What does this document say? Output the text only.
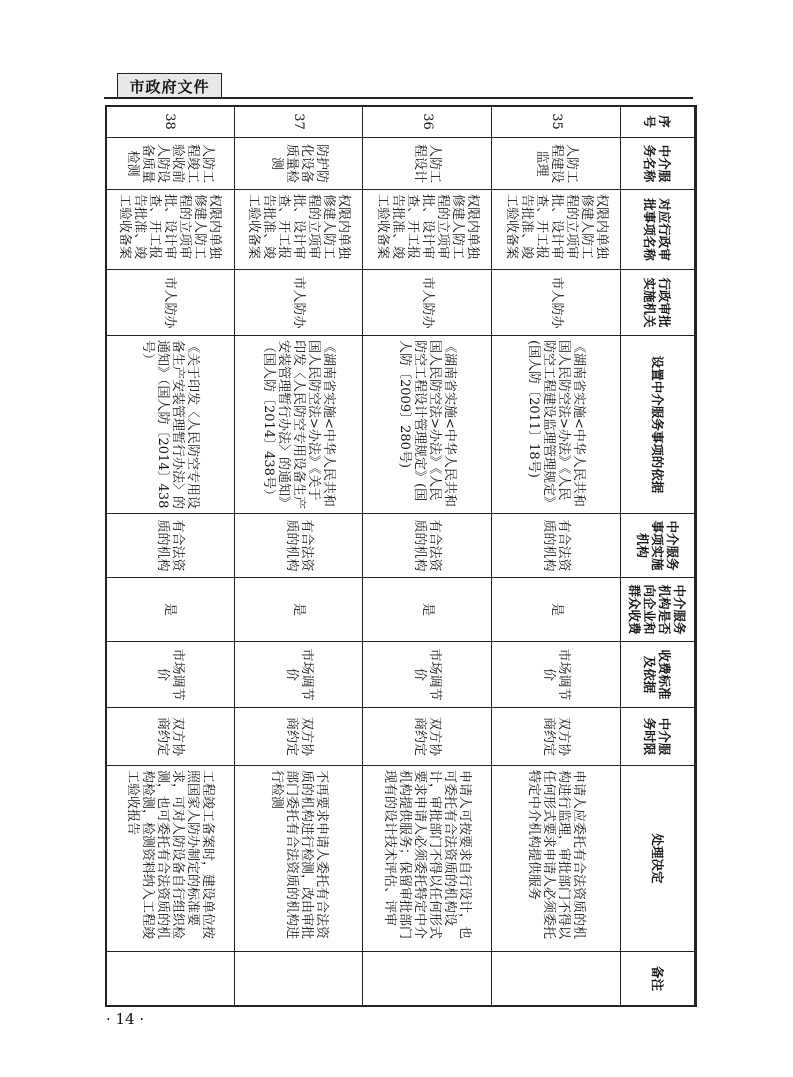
市政府文件
序号	中介服务名称	对应行政审批事项名称	行政审批实施机关	设置中介服务事项的依据	中介服务事项实施机构	中介服务机构是否向企业和群众收费	收费标准及依据	中介服务时限	处理决定	备注
35	人防工程建设监理	权限内单独修建人防工程的立项审批、设计审查、开工报告批准、竣工验收备案	市人防办	《湖南省实施<中华人民共和国人民防空法>办法》《人民防空工程建设监理管理规定》(国人防〔2011〕18号)	有合法资质的机构	是	市场调节价	双方协商约定	申请人应委托有合法资质的机构进行监理，审批部门不得以任何形式要求申请人必须委托特定中介机构提供服务	
36	人防工程设计	权限内单独修建人防工程的立项审批、设计审查、开工报告批准、竣工验收备案	市人防办	《湖南省实施<中华人民共和国人民防空法>办法》《人民防空工程设计管理规定》(国人防〔2009〕280号)	有合法资质的机构	是	市场调节价	双方协商约定	申请人可按要求自行设计，也可委托有合法资质的机构设计，审批部门不得以任何形式要求申请人必须委托特定中介机构提供服务；保留审批部门现有的设计技术评估、评审	
37	防护防化设备质量检测	权限内单独修建人防工程的立项审批、设计审查、开工报告批准、竣工验收备案	市人防办	《湖南省实施<中华人民共和国人民防空法>办法》《关于印发〈人民防空专用设备生产安装管理暂行办法〉的通知》（国人防〔2014〕438号）	有合法资质的机构	是	市场调节价	双方协商约定	不再要求申请人委托有合法资质的机构进行检测，改由审批部门委托有合法资质的机构进行检测	
38	人防工程竣工验收前人防设备质量检测	权限内单独修建人防工程的立项审批、设计审查、开工报告批准、竣工验收备案	市人防办	《关于印发〈人民防空专用设备生产安装管理暂行办法〉的通知》（国人防〔2014〕438号）	有合法资质的机构	是	市场调节价	双方协商约定	工程竣工备案时，建设单位按照国家人防办制定的标准要求，可对人防设备自行组织检测，也可委托有合法资质的机构检测，检测资料纳入工程竣工验收报告	
· 14 ·
